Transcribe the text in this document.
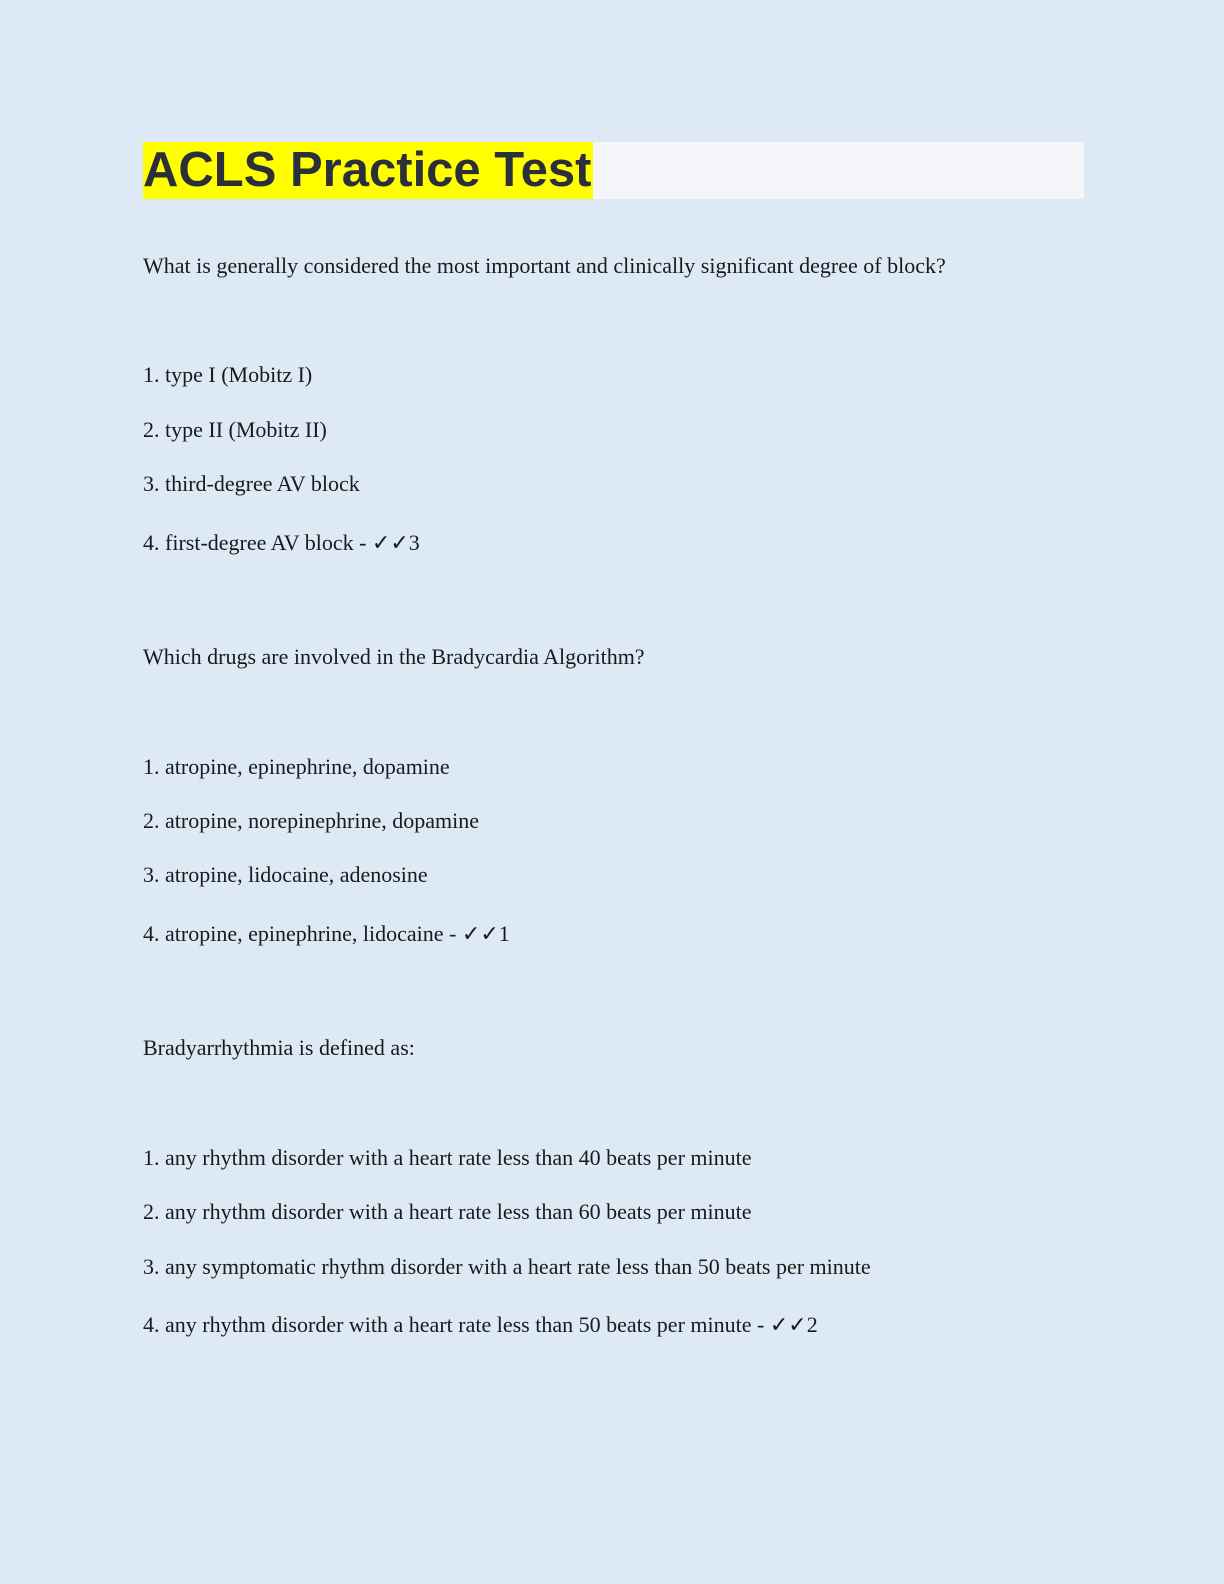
ACLS Practice Test
What is generally considered the most important and clinically significant degree of block?
1. type I (Mobitz I)
2. type II (Mobitz II)
3. third-degree AV block
4. first-degree AV block - ✓✓3
Which drugs are involved in the Bradycardia Algorithm?
1. atropine, epinephrine, dopamine
2. atropine, norepinephrine, dopamine
3. atropine, lidocaine, adenosine
4. atropine, epinephrine, lidocaine - ✓✓1
Bradyarrhythmia is defined as:
1. any rhythm disorder with a heart rate less than 40 beats per minute
2. any rhythm disorder with a heart rate less than 60 beats per minute
3. any symptomatic rhythm disorder with a heart rate less than 50 beats per minute
4. any rhythm disorder with a heart rate less than 50 beats per minute - ✓✓2
